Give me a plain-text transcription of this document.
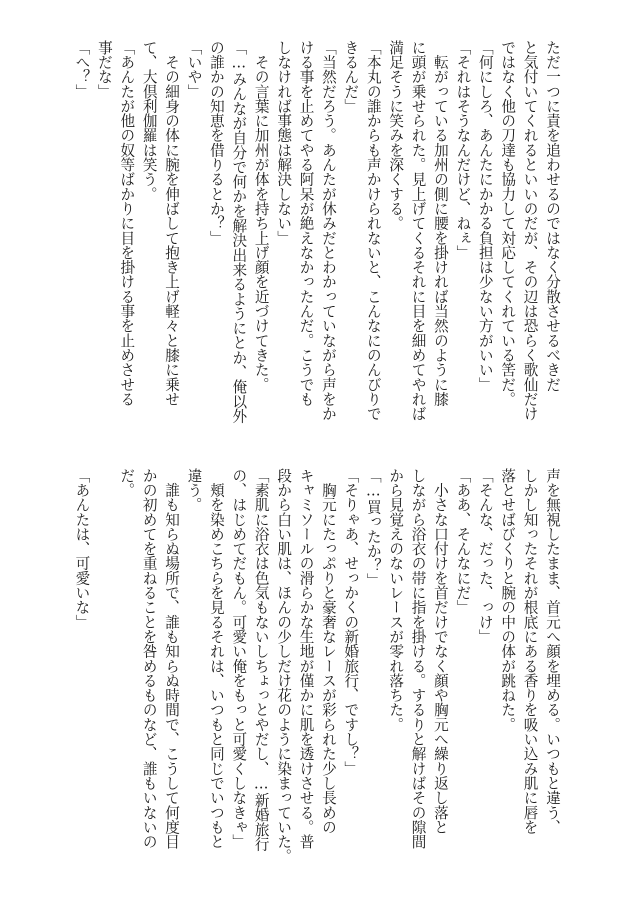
ただ一つに責を追わせるのではなく分散させるべきだ
と気付いてくれるといいのだが、その辺は恐らく歌仙だけ
ではなく他の刀達も協力して対応してくれている筈だ。
「何にしろ、あんたにかかる負担は少ない方がいい」
「それはそうなんだけど、ねぇ」
　転がっている加州の側に腰を掛ければ当然のように膝
に頭が乗せられた。見上げてくるそれに目を細めてやれば
満足そうに笑みを深くする。
「本丸の誰からも声かけられないと、こんなにのんびりで
きるんだ」
「当然だろう。あんたが休みだとわかっていながら声をか
ける事を止めてやる阿呆が絶えなかったんだ。こうでも
しなければ事態は解決しない」
　その言葉に加州が体を持ち上げ顔を近づけてきた。
「…みんなが自分で何かを解決出来るようにとか、俺以外
の誰かの知恵を借りるとか？」
「いや」
　その細身の体に腕を伸ばして抱き上げ軽々と膝に乗せ
て、大倶利伽羅は笑う。
「あんたが他の奴等ばかりに目を掛ける事を止めさせる
事だな」
「へ？」
声を無視したまま、首元へ顔を埋める。いつもと違う、
しかし知ったそれが根底にある香りを吸い込み肌に唇を
落とせばびくりと腕の中の体が跳ねた。
「そんな、だった、っけ」
「ああ、そんなにだ」
　小さな口付けを首だけでなく顔や胸元へ繰り返し落と
しながら浴衣の帯に指を掛ける。するりと解けばその隙間
から見覚えのないレースが零れ落ちた。
「…買ったか？」
「そりゃあ、せっかくの新婚旅行、ですし？」
　胸元にたっぷりと豪奢なレースが彩られた少し長めの
キャミソールの滑らかな生地が僅かに肌を透けさせる。普
段から白い肌は、ほんの少しだけ花のように染まっていた。
「素肌に浴衣は色気もないしちょっとやだし、…新婚旅行
の、はじめてだもん。可愛い俺をもっと可愛くしなきゃ」
　頬を染めこちらを見るそれは、いつもと同じでいつもと
違う。
　誰も知らぬ場所で、誰も知らぬ時間で、こうして何度目
かの初めてを重ねることを咎めるものなど、誰もいないの
だ。
「あんたは、可愛いな」
